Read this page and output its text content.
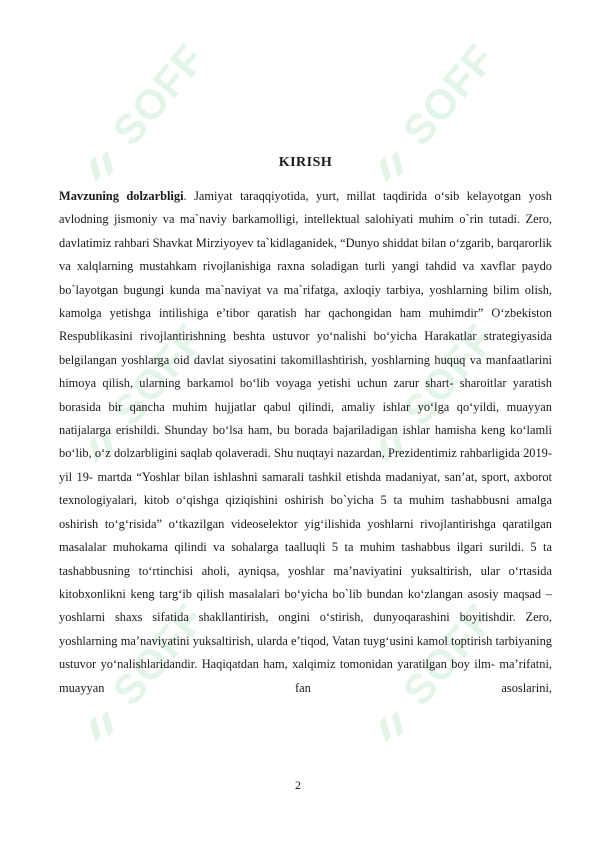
SOFF	SOFF
SOFF	SOFF
SOFF	SOFF
KIRISH

Mavzuning dolzarbligi. Jamiyat taraqqiyotida, yurt, millat taqdirida o‘sib kelayotgan yosh avlodning jismoniy va ma`naviy barkamolligi, intellektual salohiyati muhim o`rin tutadi. Zero, davlatimiz rahbari Shavkat Mirziyoyev ta`kidlaganidek, “Dunyo shiddat bilan o‘zgarib, barqarorlik va xalqlarning mustahkam rivojlanishiga raxna soladigan turli yangi tahdid va xavflar paydo bo`layotgan bugungi kunda ma`naviyat va ma`rifatga, axloqiy tarbiya, yoshlarning bilim olish, kamolga yetishga intilishiga e’tibor qaratish har qachongidan ham muhimdir” O‘zbekiston Respublikasini rivojlantirishning beshta ustuvor yo‘nalishi bo‘yicha Harakatlar strategiyasida belgilangan yoshlarga oid davlat siyosatini takomillashtirish, yoshlarning huquq va manfaatlarini himoya qilish, ularning barkamol bo‘lib voyaga yetishi uchun zarur shart- sharoitlar yaratish borasida bir qancha muhim hujjatlar qabul qilindi, amaliy ishlar yo‘lga qo‘yildi, muayyan natijalarga erishildi. Shunday bo‘lsa ham, bu borada bajariladigan ishlar hamisha keng ko‘lamli bo‘lib, o‘z dolzarbligini saqlab qolaveradi. Shu nuqtayi nazardan, Prezidentimiz rahbarligida 2019- yil 19- martda “Yoshlar bilan ishlashni samarali tashkil etishda madaniyat, san’at, sport, axborot texnologiyalari, kitob o‘qishga qiziqishini oshirish bo`yicha 5 ta muhim tashabbusni amalga oshirish to‘g‘risida” o‘tkazilgan videoselektor yig‘ilishida yoshlarni rivojlantirishga qaratilgan masalalar muhokama qilindi va sohalarga taalluqli 5 ta muhim tashabbus ilgari surildi. 5 ta tashabbusning to‘rtinchisi aholi, ayniqsa, yoshlar ma’naviyatini yuksaltirish, ular o‘rtasida kitobxonlikni keng targ‘ib qilish masalalari bo‘yicha bo`lib bundan ko‘zlangan asosiy maqsad – yoshlarni shaxs sifatida shakllantirish, ongini o‘stirish, dunyoqarashini boyitishdir. Zero, yoshlarning ma’naviyatini yuksaltirish, ularda e’tiqod, Vatan tuyg‘usini kamol toptirish tarbiyaning ustuvor yo‘nalishlaridandir. Haqiqatdan ham, xalqimiz tomonidan yaratilgan boy ilm- ma’rifatni, muayyan fan asoslarini,

2
